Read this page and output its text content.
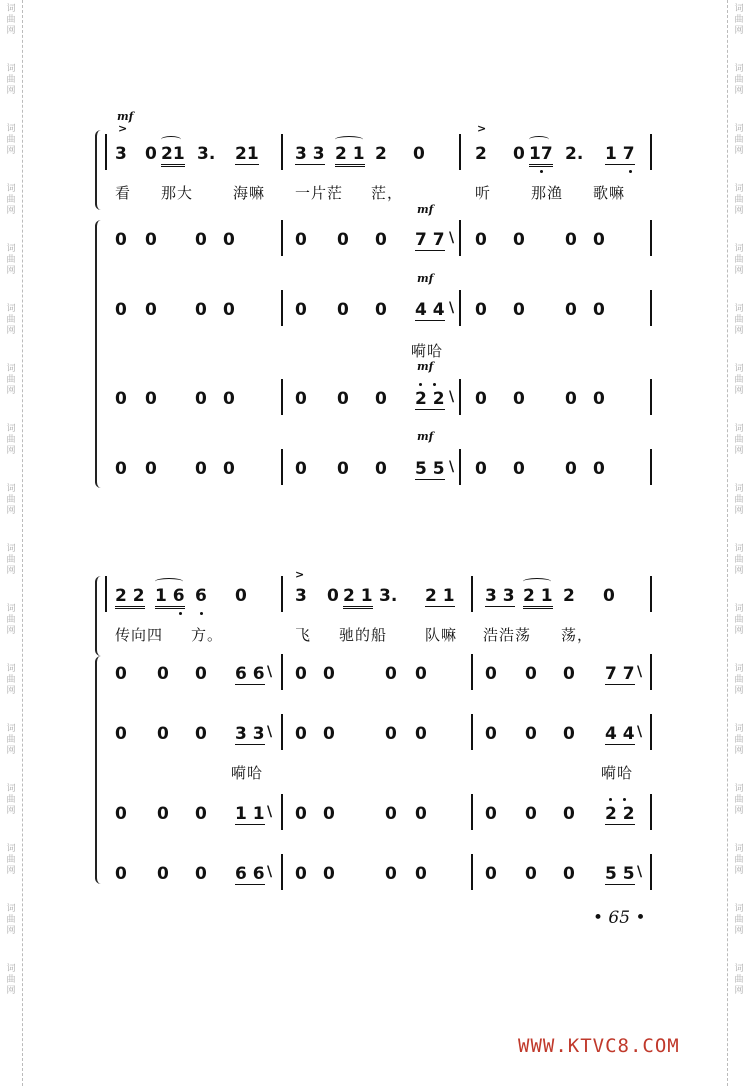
词
曲
网
词
曲
网
词
曲
网
词
曲
网
词
曲
网
词
曲
网
词
曲
网
词
曲
网
词
曲
网
词
曲
网
词
曲
网
词
曲
网
词
曲
网
词
曲
网
词
曲
网
词
曲
网
词
曲
网
词
曲
网
词
曲
网
词
曲
网
词
曲
网
词
曲
网
词
曲
网
词
曲
网
词
曲
网
词
曲
网
词
曲
网
词
曲
网
词
曲
网
词
曲
网
词
曲
网
词
曲
网
词
曲
网
词
曲
网
mf
>	>
3 0 21 3. 21 3 3 2 1 2 0	2 0 17 2. 1 7
看 那大	海嘛 一片茫 茫，	听	那渔 歌嘛
mf
0 0 0 0	0 0 0 7 7 \ 0 0 0 0
mf
0 0 0 0	0 0 0 4 4 \ 0 0 0 0
嗬哈
mf
0 0 0 0	0 0 0 2 2 \ 0 0 0 0
mf
0 0 0 0	0 0 0 5 5 \ 0 0 0 0
>
2 2 1 6 6 0	3 0 2 1 3. 2 1 3 3 2 1 2 0
传向四 方。	飞 驰的船	队嘛 浩浩荡 荡，
0 0 0 6 6 \ 0 0	0 0	0 0 0 7 7 \
0 0 0 3 3 \ 0 0	0 0	0 0 0 4 4 \
嗬哈	嗬哈
0 0 0 1 1 \ 0 0	0 0	0 0 0 2 2
0 0 0 6 6 \ 0 0	0 0	0 0 0 5 5 \
• 65 •
WWW.KTVC8.COM
